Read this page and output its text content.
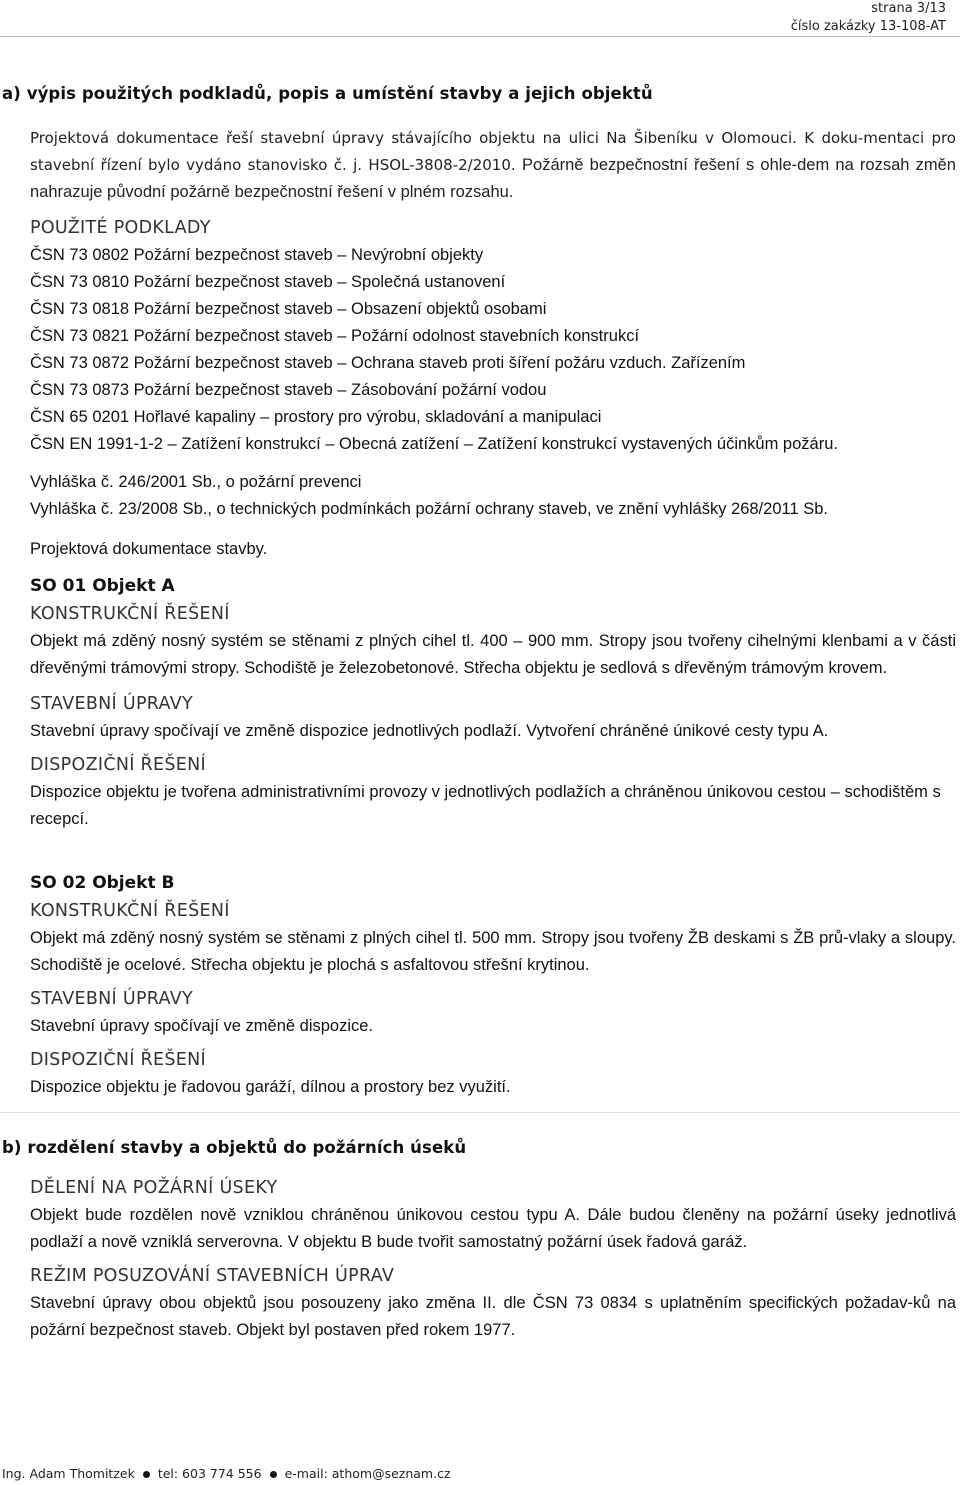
strana 3/13
číslo zakázky 13-108-AT
a) výpis použitých podkladů, popis a umístění stavby a jejich objektů

Projektová dokumentace řeší stavební úpravy stávajícího objektu na ulici Na Šibeníku v Olomouci. K doku-mentaci pro stavební řízení bylo vydáno stanovisko č. j. HSOL-3808-2/2010. Požárně bezpečnostní řešení s ohle-dem na rozsah změn nahrazuje původní požárně bezpečnostní řešení v plném rozsahu.

POUŽITÉ PODKLADY

ČSN 73 0802 Požární bezpečnost staveb – Nevýrobní objekty

ČSN 73 0810 Požární bezpečnost staveb – Společná ustanovení

ČSN 73 0818 Požární bezpečnost staveb – Obsazení objektů osobami

ČSN 73 0821 Požární bezpečnost staveb – Požární odolnost stavebních konstrukcí

ČSN 73 0872 Požární bezpečnost staveb – Ochrana staveb proti šíření požáru vzduch. Zařízením

ČSN 73 0873 Požární bezpečnost staveb – Zásobování požární vodou

ČSN 65 0201 Hořlavé kapaliny – prostory pro výrobu, skladování a manipulaci

ČSN EN 1991-1-2 – Zatížení konstrukcí – Obecná zatížení – Zatížení konstrukcí vystavených účinkům požáru.

Vyhláška č. 246/2001 Sb., o požární prevenci

Vyhláška č. 23/2008 Sb., o technických podmínkách požární ochrany staveb, ve znění vyhlášky 268/2011 Sb.

Projektová dokumentace stavby.

SO 01 Objekt A

KONSTRUKČNÍ ŘEŠENÍ

Objekt má zděný nosný systém se stěnami z plných cihel tl. 400 – 900 mm. Stropy jsou tvořeny cihelnými klenbami a v části dřevěnými trámovými stropy. Schodiště je železobetonové. Střecha objektu je sedlová s dřevěným trámovým krovem.

STAVEBNÍ ÚPRAVY

Stavební úpravy spočívají ve změně dispozice jednotlivých podlaží. Vytvoření chráněné únikové cesty typu A.

DISPOZIČNÍ ŘEŠENÍ

Dispozice objektu je tvořena administrativními provozy v jednotlivých podlažích a chráněnou únikovou cestou – schodištěm s recepcí.

SO 02 Objekt B

KONSTRUKČNÍ ŘEŠENÍ

Objekt má zděný nosný systém se stěnami z plných cihel tl. 500 mm. Stropy jsou tvořeny ŽB deskami s ŽB prů-vlaky a sloupy. Schodiště je ocelové. Střecha objektu je plochá s asfaltovou střešní krytinou.

STAVEBNÍ ÚPRAVY

Stavební úpravy spočívají ve změně dispozice.

DISPOZIČNÍ ŘEŠENÍ

Dispozice objektu je řadovou garáží, dílnou a prostory bez využití.

b) rozdělení stavby a objektů do požárních úseků

DĚLENÍ NA POŽÁRNÍ ÚSEKY

Objekt bude rozdělen nově vzniklou chráněnou únikovou cestou typu A. Dále budou členěny na požární úseky jednotlivá podlaží a nově vzniklá serverovna. V objektu B bude tvořit samostatný požární úsek řadová garáž.

REŽIM POSUZOVÁNÍ STAVEBNÍCH ÚPRAV

Stavební úpravy obou objektů jsou posouzeny jako změna II. dle ČSN 73 0834 s uplatněním specifických požadav-ků na požární bezpečnost staveb. Objekt byl postaven před rokem 1977.

Ing. Adam Thomitzek tel: 603 774 556 e-mail: athom@seznam.cz
